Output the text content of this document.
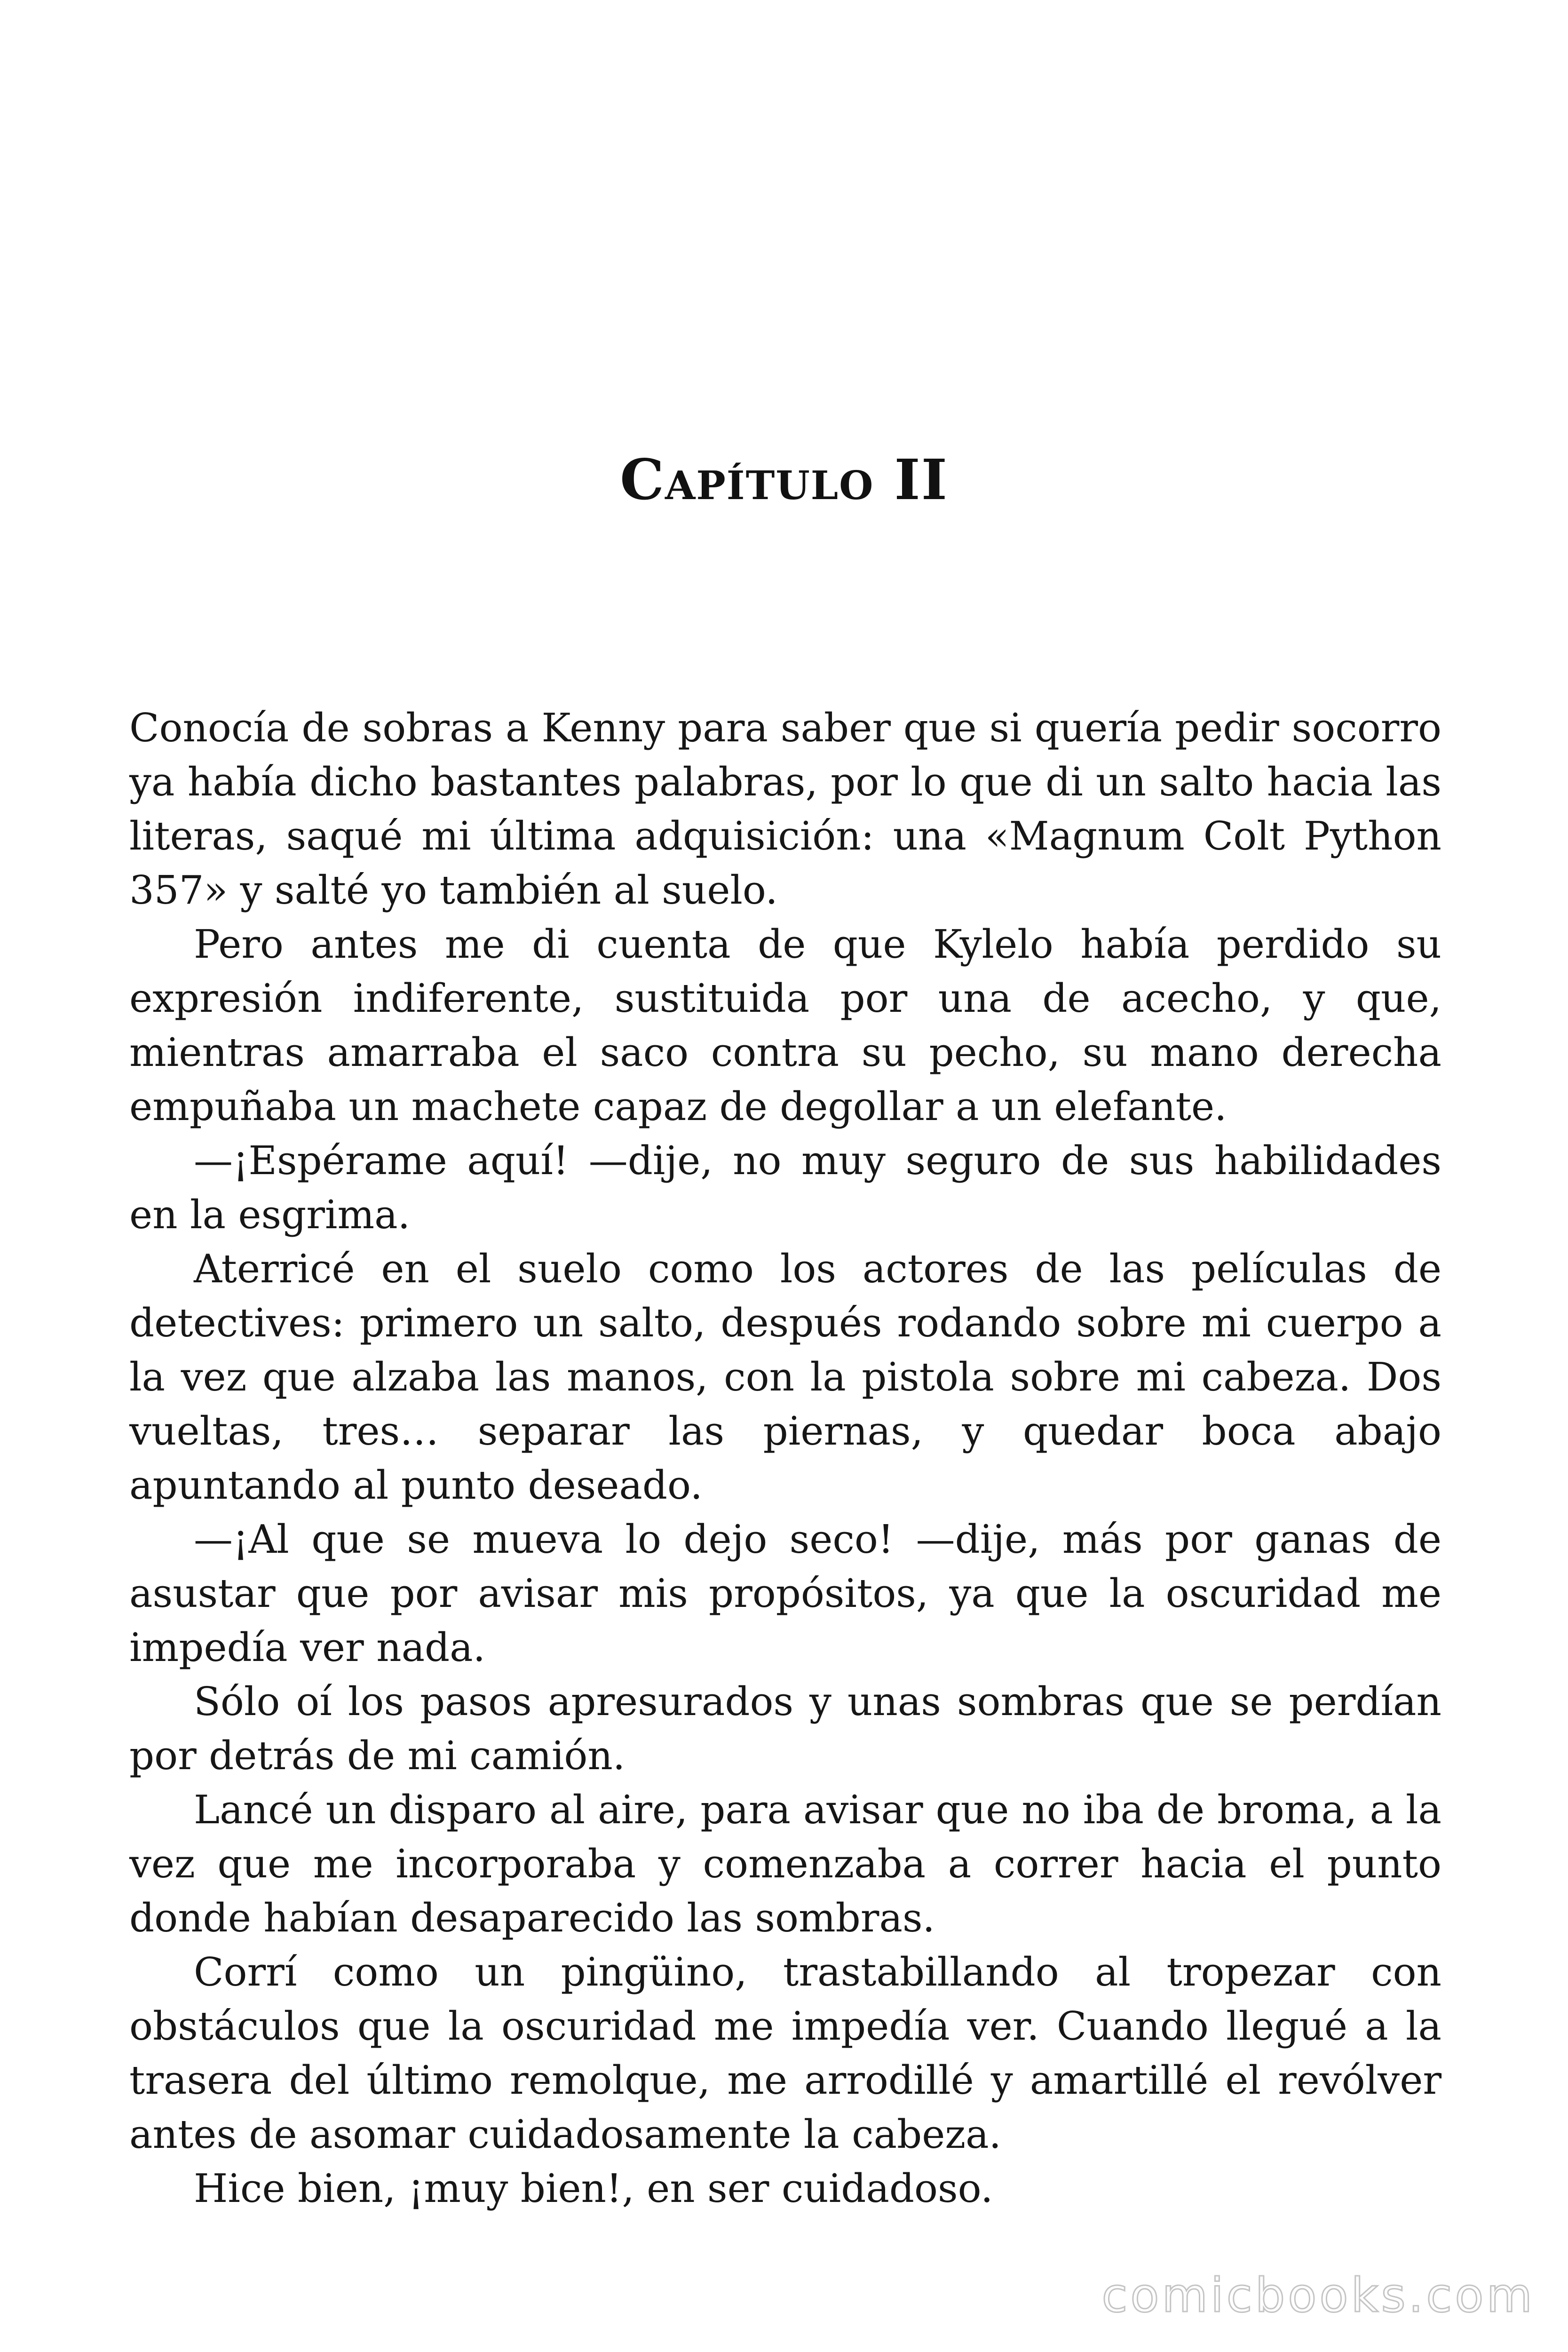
Capítulo II

Conocía de sobras a Kenny para saber que si quería pedir socorro ya había dicho bastantes palabras, por lo que di un salto hacia las literas, saqué mi última adquisición: una «Magnum Colt Python 357» y salté yo también al suelo.

Pero antes me di cuenta de que Kylelo había perdido su expresión indiferente, sustituida por una de acecho, y que, mientras amarraba el saco contra su pecho, su mano derecha empuñaba un machete capaz de degollar a un elefante.

—¡Espérame aquí! —dije, no muy seguro de sus habilidades en la esgrima.

Aterricé en el suelo como los actores de las películas de detectives: primero un salto, después rodando sobre mi cuerpo a la vez que alzaba las manos, con la pistola sobre mi cabeza. Dos vueltas, tres… separar las piernas, y quedar boca abajo apuntando al punto deseado.

—¡Al que se mueva lo dejo seco! —dije, más por ganas de asustar que por avisar mis propósitos, ya que la oscuridad me impedía ver nada.

Sólo oí los pasos apresurados y unas sombras que se perdían por detrás de mi camión.

Lancé un disparo al aire, para avisar que no iba de broma, a la vez que me incorporaba y comenzaba a correr hacia el punto donde habían desaparecido las sombras.

Corrí como un pingüino, trastabillando al tropezar con obstáculos que la oscuridad me impedía ver. Cuando llegué a la trasera del último remolque, me arrodillé y amartillé el revólver antes de asomar cuidadosamente la cabeza.

Hice bien, ¡muy bien!, en ser cuidadoso.

comicbooks.com
